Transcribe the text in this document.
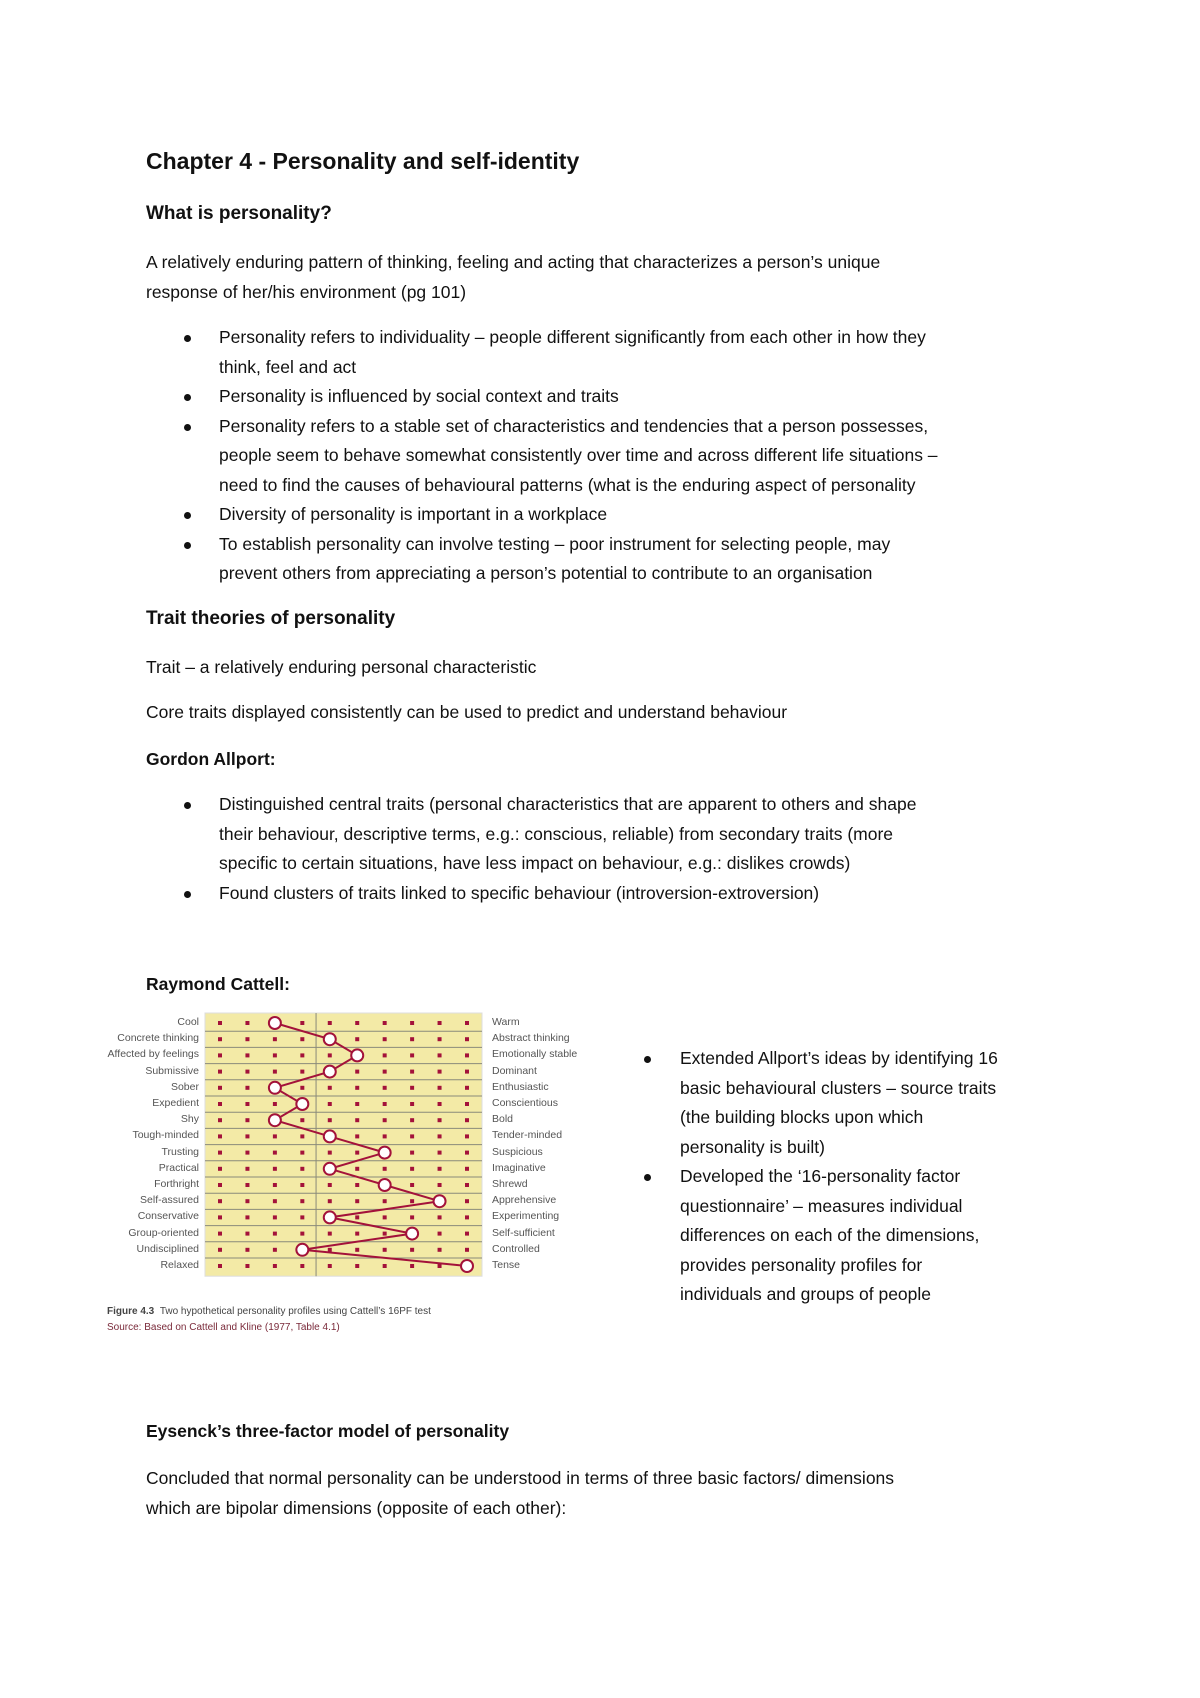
Chapter 4 - Personality and self-identity
What is personality?
A relatively enduring pattern of thinking, feeling and acting that characterizes a person’s unique
response of her/his environment (pg 101)
Personality refers to individuality – people different significantly from each other in how they
think, feel and act
Personality is influenced by social context and traits
Personality refers to a stable set of characteristics and tendencies that a person possesses,
people seem to behave somewhat consistently over time and across different life situations –
need to find the causes of behavioural patterns (what is the enduring aspect of personality
Diversity of personality is important in a workplace
To establish personality can involve testing – poor instrument for selecting people, may
prevent others from appreciating a person’s potential to contribute to an organisation
Trait theories of personality
Trait – a relatively enduring personal characteristic
Core traits displayed consistently can be used to predict and understand behaviour
Gordon Allport:
Raymond Cattell:
Distinguished central traits (personal characteristics that are apparent to others and shape
their behaviour, descriptive terms, e.g.: conscious, reliable) from secondary traits (more
specific to certain situations, have less impact on behaviour, e.g.: dislikes crowds)
Found clusters of traits linked to specific behaviour (introversion-extroversion)
Extended Allport’s ideas by identifying 16
basic behavioural clusters – source traits
(the building blocks upon which
personality is built)
Developed the ‘16-personality factor
questionnaire’ – measures individual
differences on each of the dimensions,
provides personality profiles for
individuals and groups of people
Figure 4.3 Two hypothetical personality profiles using Cattell’s 16PF test
Source: Based on Cattell and Kline (1977, Table 4.1)
Eysenck’s three-factor model of personality
Concluded that normal personality can be understood in terms of three basic factors/ dimensions
which are bipolar dimensions (opposite of each other):
Cool	Warm
Concrete thinking	Abstract thinking
Affected by feelings	Emotionally stable
Submissive	Dominant
Sober	Enthusiastic
Expedient	Conscientious
Shy	Bold
Tough-minded	Tender-minded
Trusting	Suspicious
Practical	Imaginative
Forthright	Shrewd
Self-assured	Apprehensive
Conservative	Experimenting
Group-oriented	Self-sufficient
Undisciplined	Controlled
Relaxed	Tense
